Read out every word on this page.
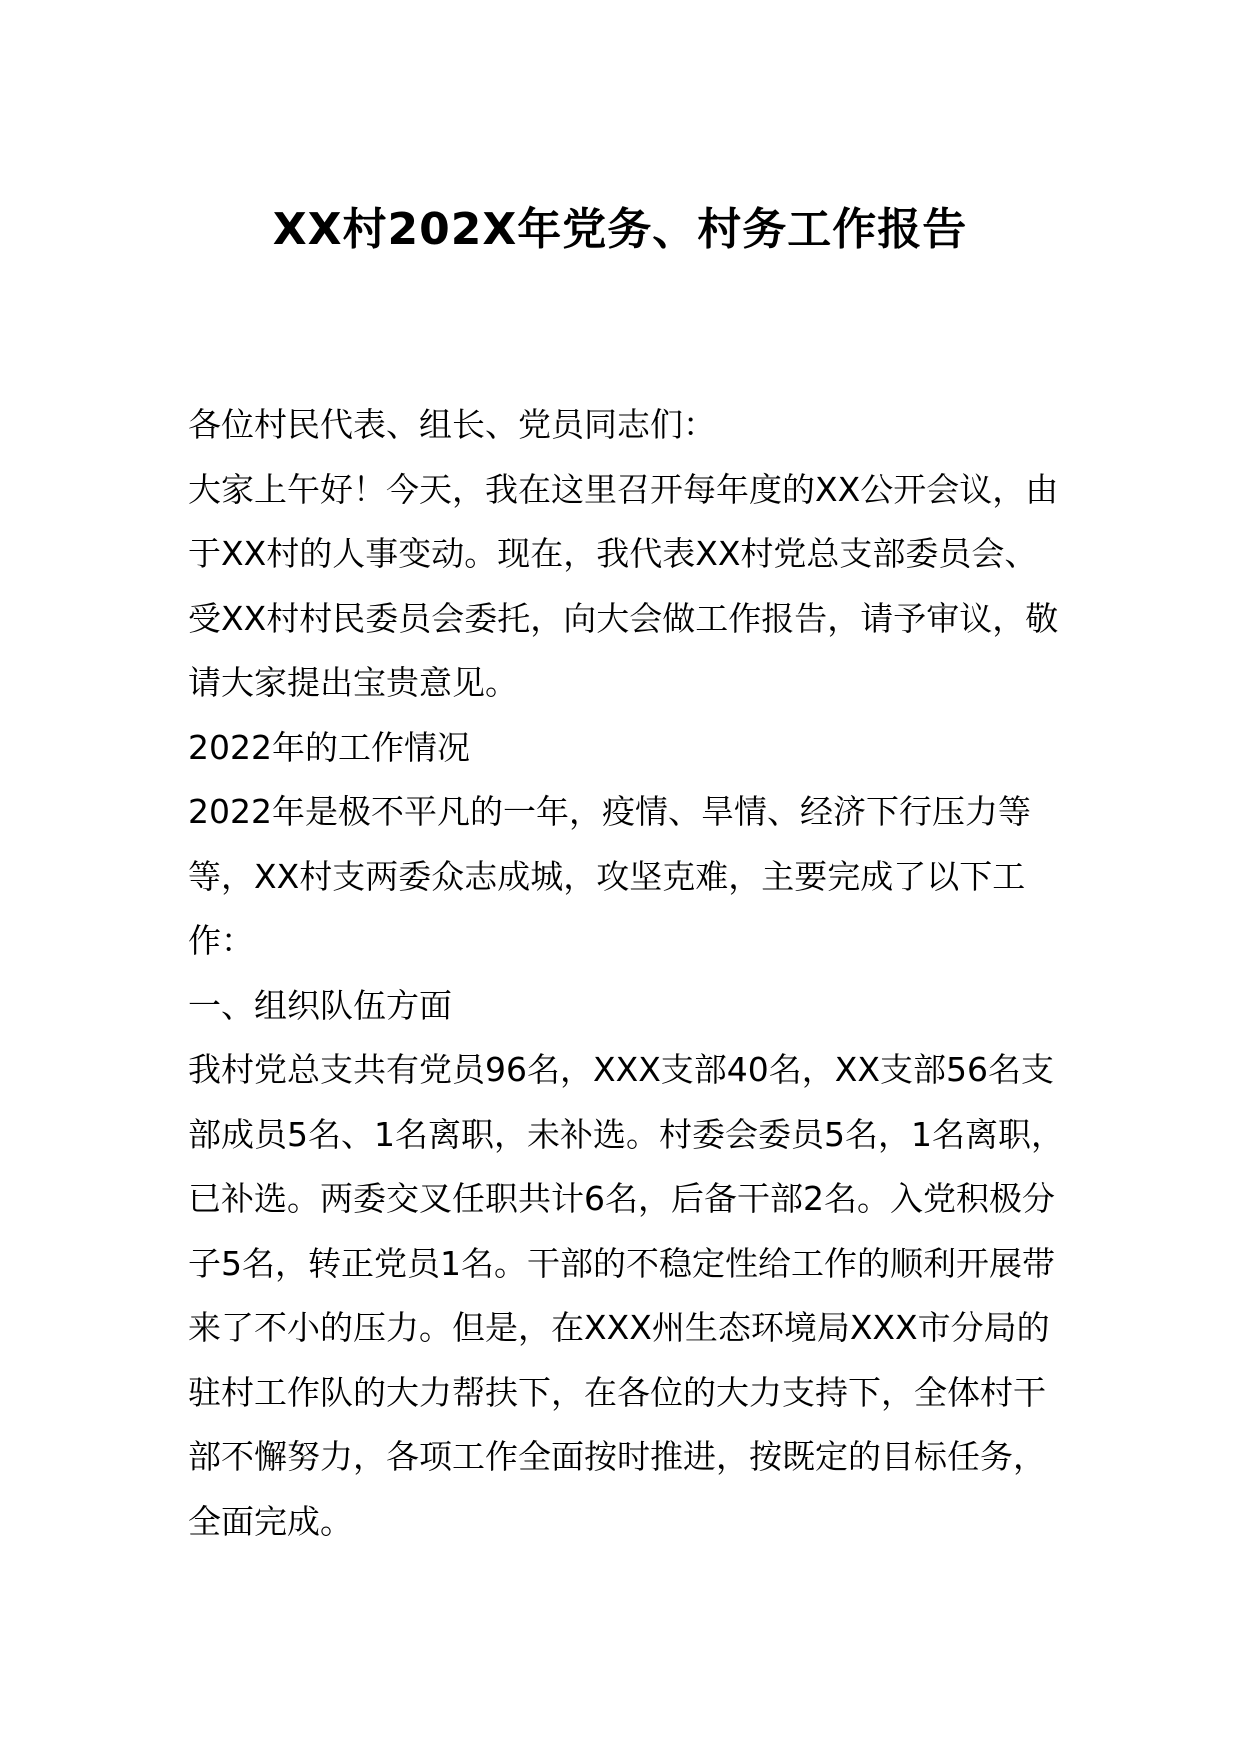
XX村202X年党务、村务工作报告

各位村民代表、组长、党员同志们：

大家上午好！今天，我在这里召开每年度的XX公开会议，由于XX村的人事变动。现在，我代表XX村党总支部委员会、受XX村村民委员会委托，向大会做工作报告，请予审议，敬请大家提出宝贵意见。

2022年的工作情况

2022年是极不平凡的一年，疫情、旱情、经济下行压力等等，XX村支两委众志成城，攻坚克难，主要完成了以下工作：

一、组织队伍方面

我村党总支共有党员96名，XXX支部40名，XX支部56名支部成员5名、1名离职，未补选。村委会委员5名，1名离职，已补选。两委交叉任职共计6名，后备干部2名。入党积极分子5名，转正党员1名。干部的不稳定性给工作的顺利开展带来了不小的压力。但是，在XXX州生态环境局XXX市分局的驻村工作队的大力帮扶下，在各位的大力支持下，全体村干部不懈努力，各项工作全面按时推进，按既定的目标任务，全面完成。
